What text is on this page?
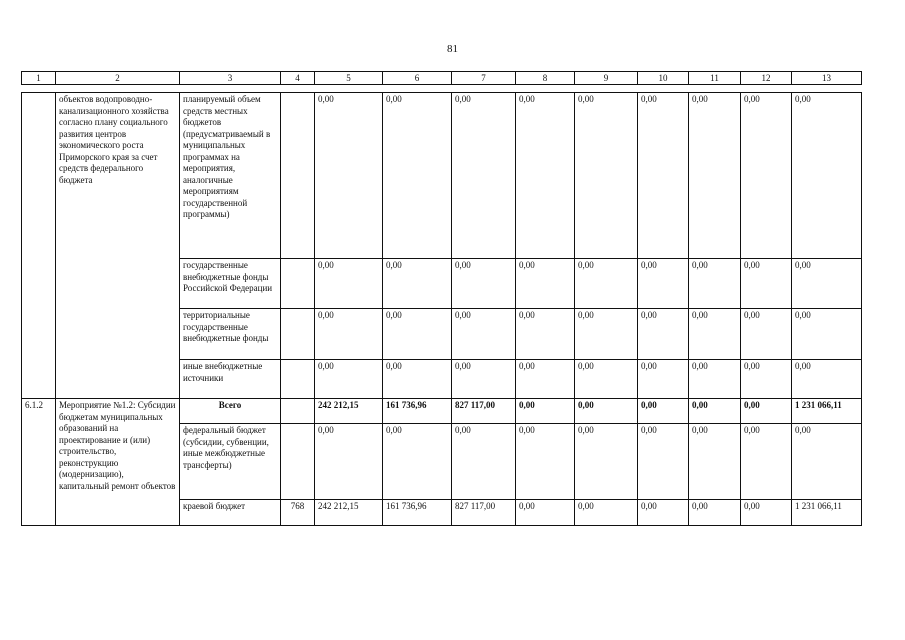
81
1	2	3	4	5	6	7	8	9	10	11	12	13
	объектов водопроводно-канализационного хозяйства согласно плану социального развития центров экономического роста Приморского края за счет средств федерального бюджета	планируемый объем средств местных бюджетов (предусматриваемый в муниципальных программах на мероприятия, аналогичные мероприятиям государственной программы)		0,00	0,00	0,00	0,00	0,00	0,00	0,00	0,00	0,00
		государственные внебюджетные фонды Российской Федерации		0,00	0,00	0,00	0,00	0,00	0,00	0,00	0,00	0,00
		территориальные государственные внебюджетные фонды		0,00	0,00	0,00	0,00	0,00	0,00	0,00	0,00	0,00
		иные внебюджетные источники		0,00	0,00	0,00	0,00	0,00	0,00	0,00	0,00	0,00
6.1.2	Мероприятие №1.2: Субсидии бюджетам муниципальных образований на проектирование и (или) строительство, реконструкцию (модернизацию), капитальный ремонт объектов	Всего		242 212,15	161 736,96	827 117,00	0,00	0,00	0,00	0,00	0,00	1 231 066,11
		федеральный бюджет (субсидии, субвенции, иные межбюджетные трансферты)		0,00	0,00	0,00	0,00	0,00	0,00	0,00	0,00	0,00
		краевой бюджет	768	242 212,15	161 736,96	827 117,00	0,00	0,00	0,00	0,00	0,00	1 231 066,11
